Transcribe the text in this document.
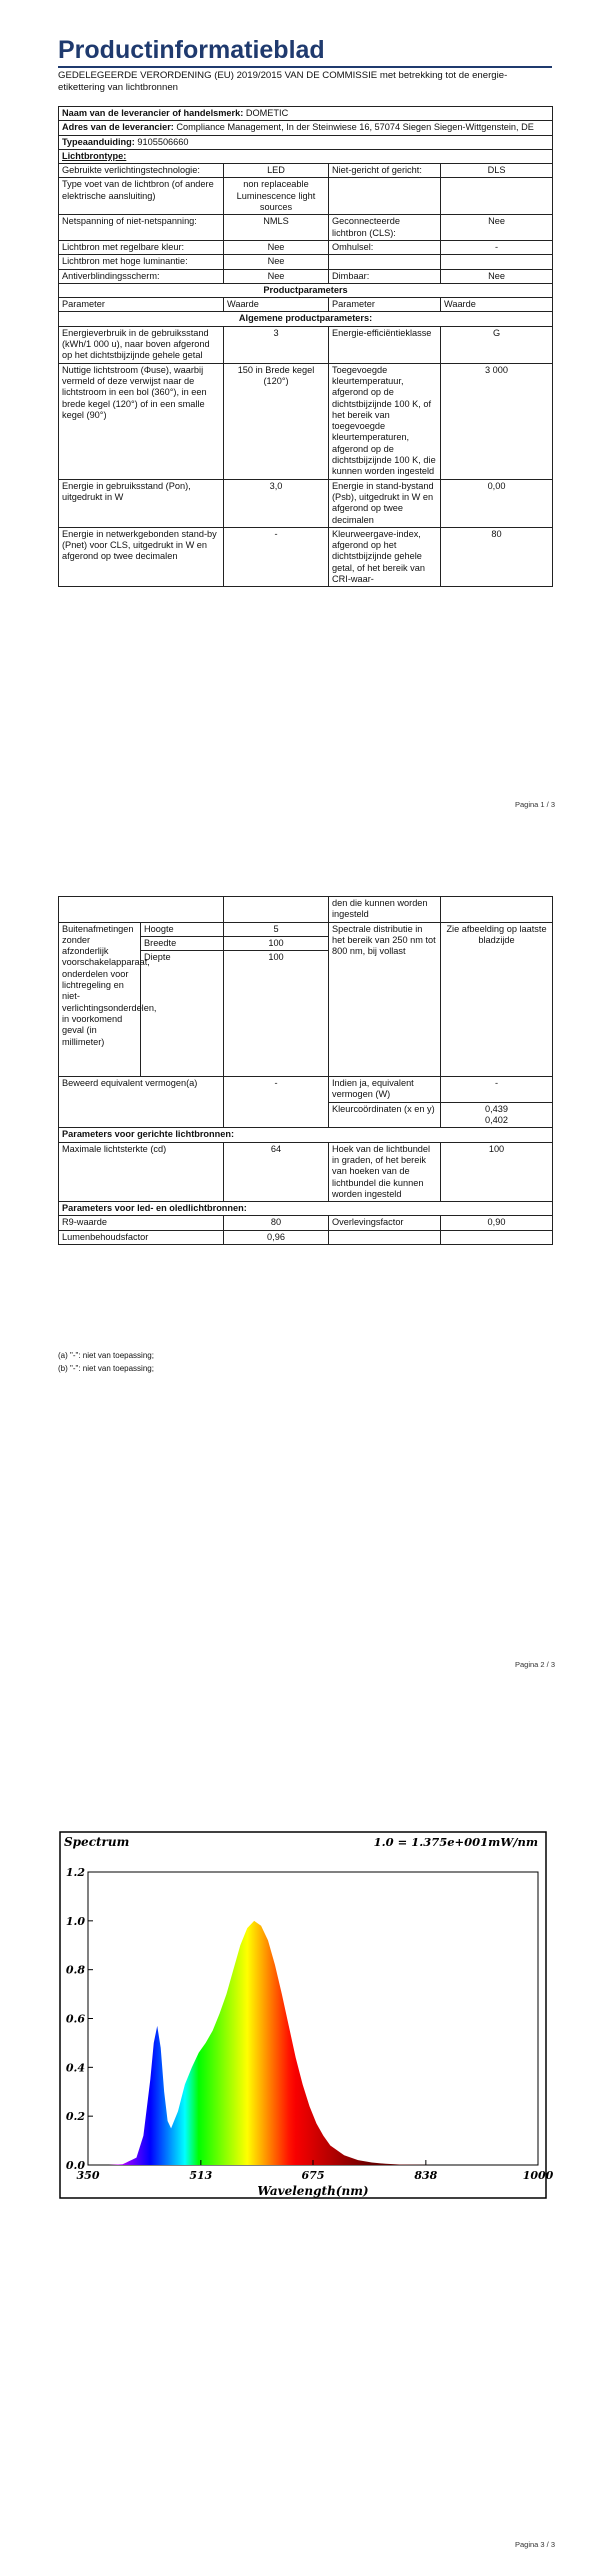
Productinformatieblad
GEDELEGEERDE VERORDENING (EU) 2019/2015 VAN DE COMMISSIE met betrekking tot de energie-etikettering van lichtbronnen
Naam van de leverancier of handelsmerk: DOMETIC			
Adres van de leverancier: Compliance Management, In der Steinwiese 16, 57074 Siegen Siegen-Wittgenstein, DE			
Typeaanduiding: 9105506660			
Lichtbrontype:			
Gebruikte verlichtingstechnologie:	LED	Niet-gericht of gericht:	DLS
Type voet van de lichtbron (of andere elektrische aansluiting)	non replaceable Luminescence light sources		
Netspanning of niet-netspanning:	NMLS	Geconnecteerde lichtbron (CLS):	Nee
Lichtbron met regelbare kleur:	Nee	Omhulsel:	-
Lichtbron met hoge luminantie:	Nee		
Antiverblindingsscherm:	Nee	Dimbaar:	Nee
Productparameters			
Parameter	Waarde	Parameter	Waarde
Algemene productparameters:			
Energieverbruik in de gebruiksstand (kWh/1 000 u), naar boven afgerond op het dichtstbijzijnde gehele getal	3	Energie-efficiëntieklasse	G
Nuttige lichtstroom (Φuse), waarbij vermeld of deze verwijst naar de lichtstroom in een bol (360°), in een brede kegel (120°) of in een smalle kegel (90°)	150 in Brede kegel (120°)	Toegevoegde kleurtemperatuur, afgerond op de dichtstbijzijnde 100 K, of het bereik van toegevoegde kleurtemperaturen, afgerond op de dichtstbijzijnde 100 K, die kunnen worden ingesteld	3 000
Energie in gebruiksstand (Pon), uitgedrukt in W	3,0	Energie in stand-bystand (Psb), uitgedrukt in W en afgerond op twee decimalen	0,00
Energie in netwerkgebonden stand-by (Pnet) voor CLS, uitgedrukt in W en afgerond op twee decimalen	-	Kleurweergave-index, afgerond op het dichtstbijzijnde gehele getal, of het bereik van CRI-waar-	80
Pagina 1 / 3
			den die kunnen worden ingesteld	
Buitenafmetingen zonder afzonderlijk voorschakelapparaat, onderdelen voor lichtregeling en niet-verlichtingsonderdelen, in voorkomend geval (in millimeter)	Hoogte	5	Spectrale distributie in het bereik van 250 nm tot 800 nm, bij vollast	Zie afbeelding op laatste bladzijde
	Breedte	100		
	Diepte	100		
Beweerd equivalent vermogen(a)		-	Indien ja, equivalent vermogen (W)	-
			Kleurcoördinaten (x en y)	0,439
0,402

Parameters voor gerichte lichtbronnen:				
Maximale lichtsterkte (cd)		64	Hoek van de lichtbundel in graden, of het bereik van hoeken van de lichtbundel die kunnen worden ingesteld	100
Parameters voor led- en oledlichtbronnen:				
R9-waarde		80	Overlevingsfactor	0,90
Lumenbehoudsfactor		0,96		
(a) "-": niet van toepassing;
(b) "-": niet van toepassing;
Pagina 2 / 3
0.0
0.2
0.4
0.6
0.8
1.0
1.2
350	513	675	838	1000
Spectrum	1.0 = 1.375e+001mW/nm
Wavelength(nm)
Pagina 3 / 3
